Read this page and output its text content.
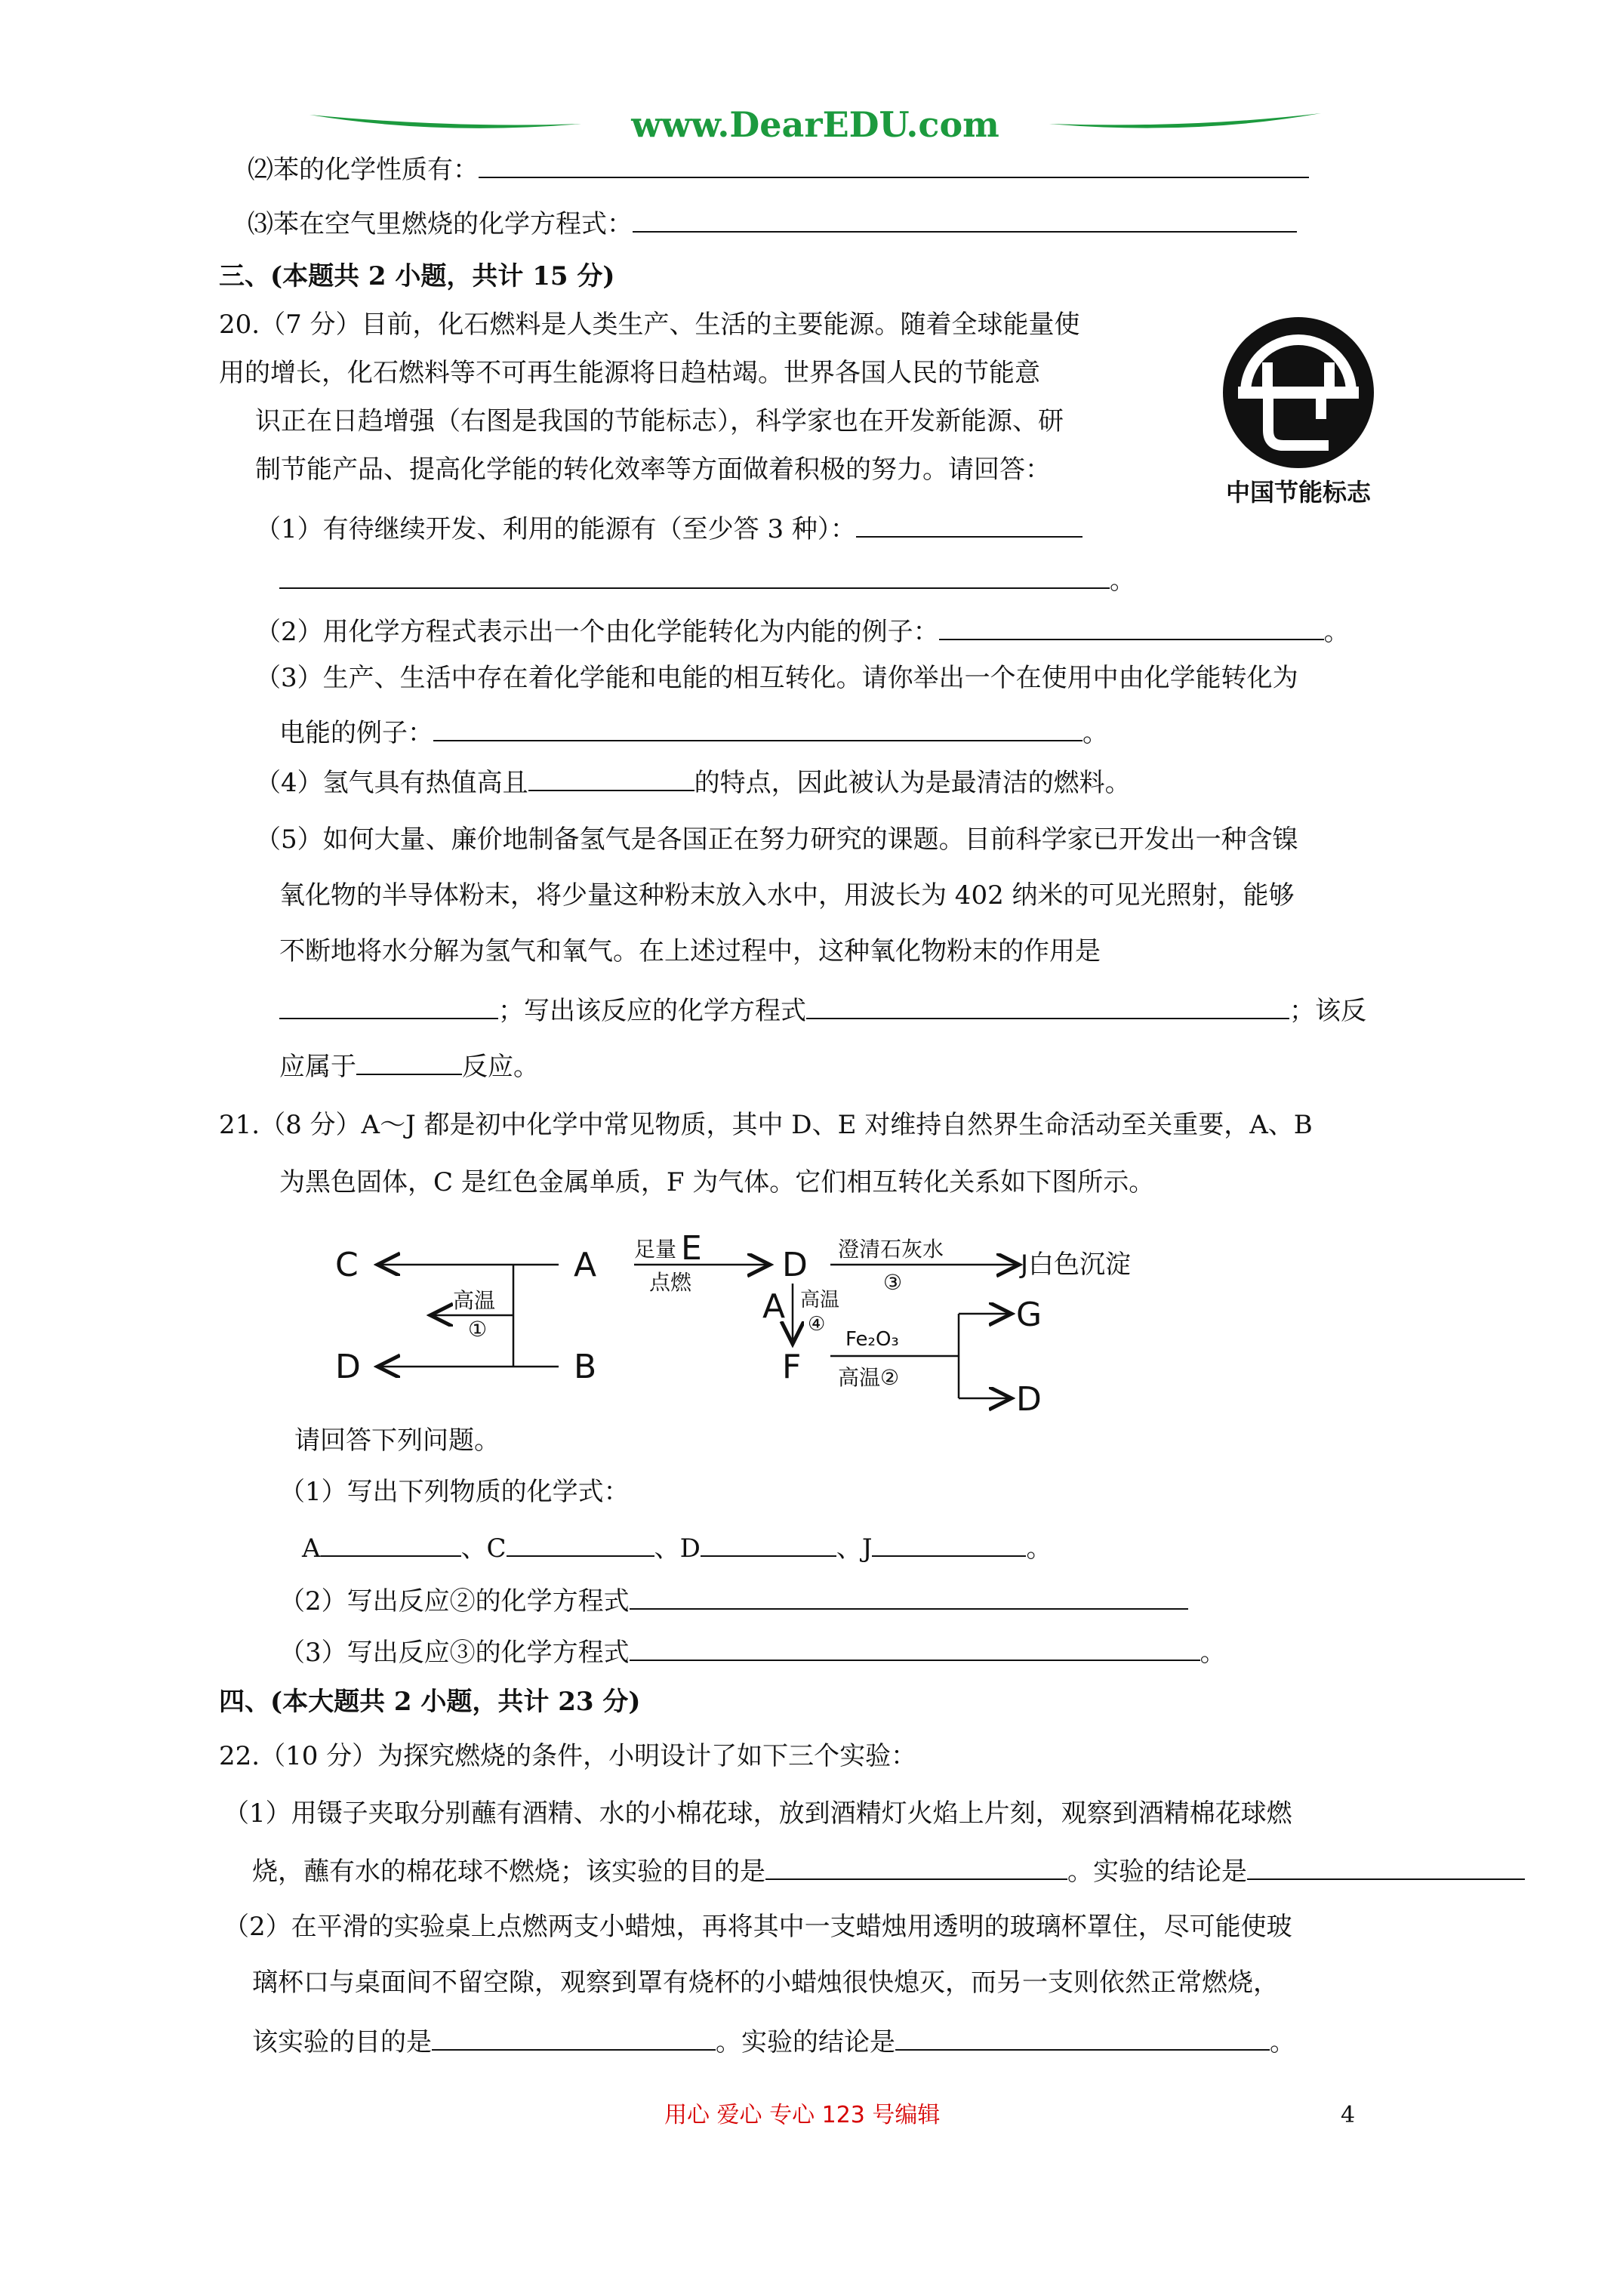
www.DearEDU.com
⑵苯的化学性质有：
⑶苯在空气里燃烧的化学方程式：
三、(本题共 2 小题，共计 15 分)
20.（7 分）目前，化石燃料是人类生产、生活的主要能源。随着全球能量使
用的增长，化石燃料等不可再生能源将日趋枯竭。世界各国人民的节能意
识正在日趋增强（右图是我国的节能标志），科学家也在开发新能源、研
制节能产品、提高化学能的转化效率等方面做着积极的努力。请回答：
中国节能标志
（1）有待继续开发、利用的能源有（至少答 3 种）：
。
（2）用化学方程式表示出一个由化学能转化为内能的例子：	。
（3）生产、生活中存在着化学能和电能的相互转化。请你举出一个在使用中由化学能转化为
电能的例子：	。
（4）氢气具有热值高且	的特点，因此被认为是最清洁的燃料。
（5）如何大量、廉价地制备氢气是各国正在努力研究的课题。目前科学家已开发出一种含镍
氧化物的半导体粉末，将少量这种粉末放入水中，用波长为 402 纳米的可见光照射，能够
不断地将水分解为氢气和氧气。在上述过程中，这种氧化物粉末的作用是
；写出该反应的化学方程式	；该反
应属于	反应。
21.（8 分）A～J 都是初中化学中常见物质，其中 D、E 对维持自然界生命活动至关重要，A、B
为黑色固体，C 是红色金属单质，F 为气体。它们相互转化关系如下图所示。
C
D
高温
①
A
B
足量 E
点燃	D 澄清石灰水
③
J白色沉淀
A 高温
④
F
Fe₂O₃
高温②
G
D
请回答下列问题。
（1）写出下列物质的化学式：
A	、C	、D	、J	。
（2）写出反应②的化学方程式
（3）写出反应③的化学方程式	。
四、(本大题共 2 小题，共计 23 分)
22.（10 分）为探究燃烧的条件，小明设计了如下三个实验：
（1）用镊子夹取分别蘸有酒精、水的小棉花球，放到酒精灯火焰上片刻，观察到酒精棉花球燃
烧，蘸有水的棉花球不燃烧；该实验的目的是	。实验的结论是
（2）在平滑的实验桌上点燃两支小蜡烛，再将其中一支蜡烛用透明的玻璃杯罩住，尽可能使玻
璃杯口与桌面间不留空隙，观察到罩有烧杯的小蜡烛很快熄灭，而另一支则依然正常燃烧，
该实验的目的是	。实验的结论是	。
用心 爱心 专心 123 号编辑	4
